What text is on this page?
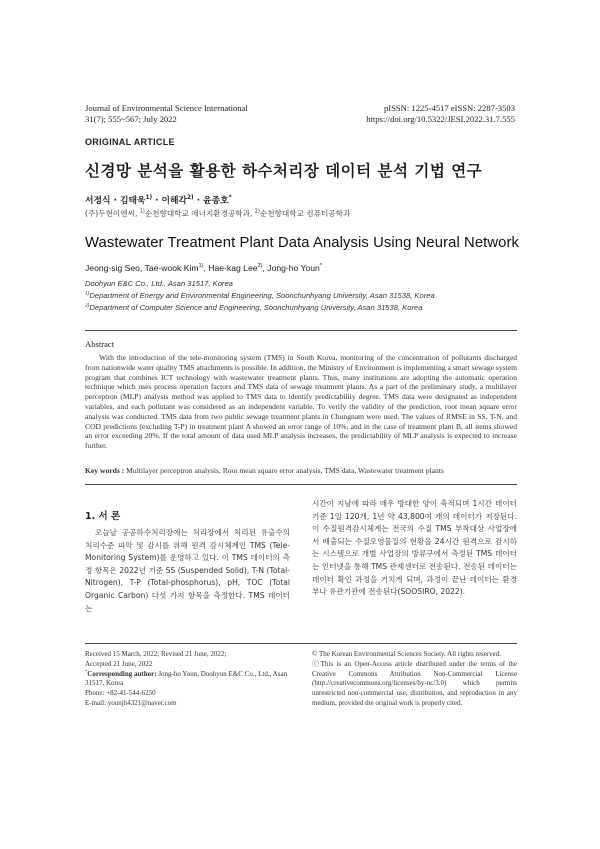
Journal of Environmental Science International
31(7); 555~567; July 2022
pISSN: 1225-4517 eISSN: 2287-3503
https://doi.org/10.5322/JESI.2022.31.7.555
ORIGINAL ARTICLE
신경망 분석을 활용한 하수처리장 데이터 분석 기법 연구
서정식 · 김태욱$^{1)}$ · 이해각$^{2)}$ · 윤종호*
(주)두현이엔씨, $^{1)}$순천향대학교 에너지환경공학과, $^{2)}$순천향대학교 컴퓨터공학과
Wastewater Treatment Plant Data Analysis Using Neural Network
Jeong-sig Seo, Tae-wook Kim$^{1)}$, Hae-kag Lee$^{2)}$, Jong-ho Youn*
Doohyun E&C Co., Ltd., Asan 31517, Korea
$^{1)}$Department of Energy and Environmental Engineering, Soonchunhyang University, Asan 31538, Korea
$^{2)}$Department of Computer Science and Engineering, Soonchunhyang University, Asan 31538, Korea
Abstract
With the introduction of the tele-monitoring system (TMS) in South Korea, monitoring of the concentration of pollutants discharged from nationwide water quality TMS attachments is possible. In addition, the Ministry of Environment is implementing a smart sewage system program that combines ICT technology with wastewater treatment plants. Thus, many institutions are adopting the automatic operation technique which uses process operation factors and TMS data of sewage treatment plants. As a part of the preliminary study, a multilayer perceptron (MLP) analysis method was applied to TMS data to identify predictability degree. TMS data were designated as independent variables, and each pollutant was considered as an independent variable. To verify the validity of the prediction, root mean square error analysis was conducted. TMS data from two public sewage treatment plants in Chungnam were used. The values of RMSE in SS, T-N, and COD predictions (excluding T-P) in treatment plant A showed an error range of 10%, and in the case of treatment plant B, all items showed an error exceeding 20%. If the total amount of data used MLP analysis increases, the predictability of MLP analysis is expected to increase further.
Key words : Multilayer perceptron analysis, Root mean square error analysis, TMS data, Wastewater treatment plants
1. 서 론
오늘날 공공하수처리장에는 처리장에서 처리된 유출수의 처리수준 파악 및 감시를 위해 원격 감시체계인 TMS (Tele-Monitoring System)를 운영하고 있다. 이 TMS 데이터의 측정 항목은 2022년 기준 SS (Suspended Solid), T-N (Total-Nitrogen), T-P (Total-phosphorus), pH, TOC (Total Organic Carbon) 다섯 가지 항목을 측정한다. TMS 데이터는
시간이 지남에 따라 매우 방대한 양이 축적되며 1시간 데이터 기준 1일 120개, 1년 약 43,800여 개의 데이터가 저장된다. 이 수질원격감시체계는 전국의 수질 TMS 부착대상 사업장에서 배출되는 수질오염물질의 현황을 24시간 원격으로 감시하는 시스템으로 개별 사업장의 방류구에서 측정된 TMS 데이터는 인터넷을 통해 TMS 관제센터로 전송된다. 전송된 데이터는 데이터 확인 과정을 거치게 되며, 과정이 끝난 데이터는 환경부나 유관기관에 전송된다(SOOSIRO, 2022).
Received 15 March, 2022; Revised 21 June, 2022;
Accepted 21 June, 2022
*Corresponding author: Jong-ho Youn, Doohyun E&C Co., Ltd., Asan 31517, Korea
Phone: +82-41-544-6250
E-mail: younjh4321@naver.com
© The Korean Environmental Sciences Society. All rights reserved.
ⓒThis is an Open-Access article distributed under the terms of the Creative Commons Attribution Non-Commercial License (http://creativecommons.org/licenses/by-nc/3.0) which permits unrestricted non-commercial use, distribution, and reproduction in any medium, provided the original work is properly cited.
